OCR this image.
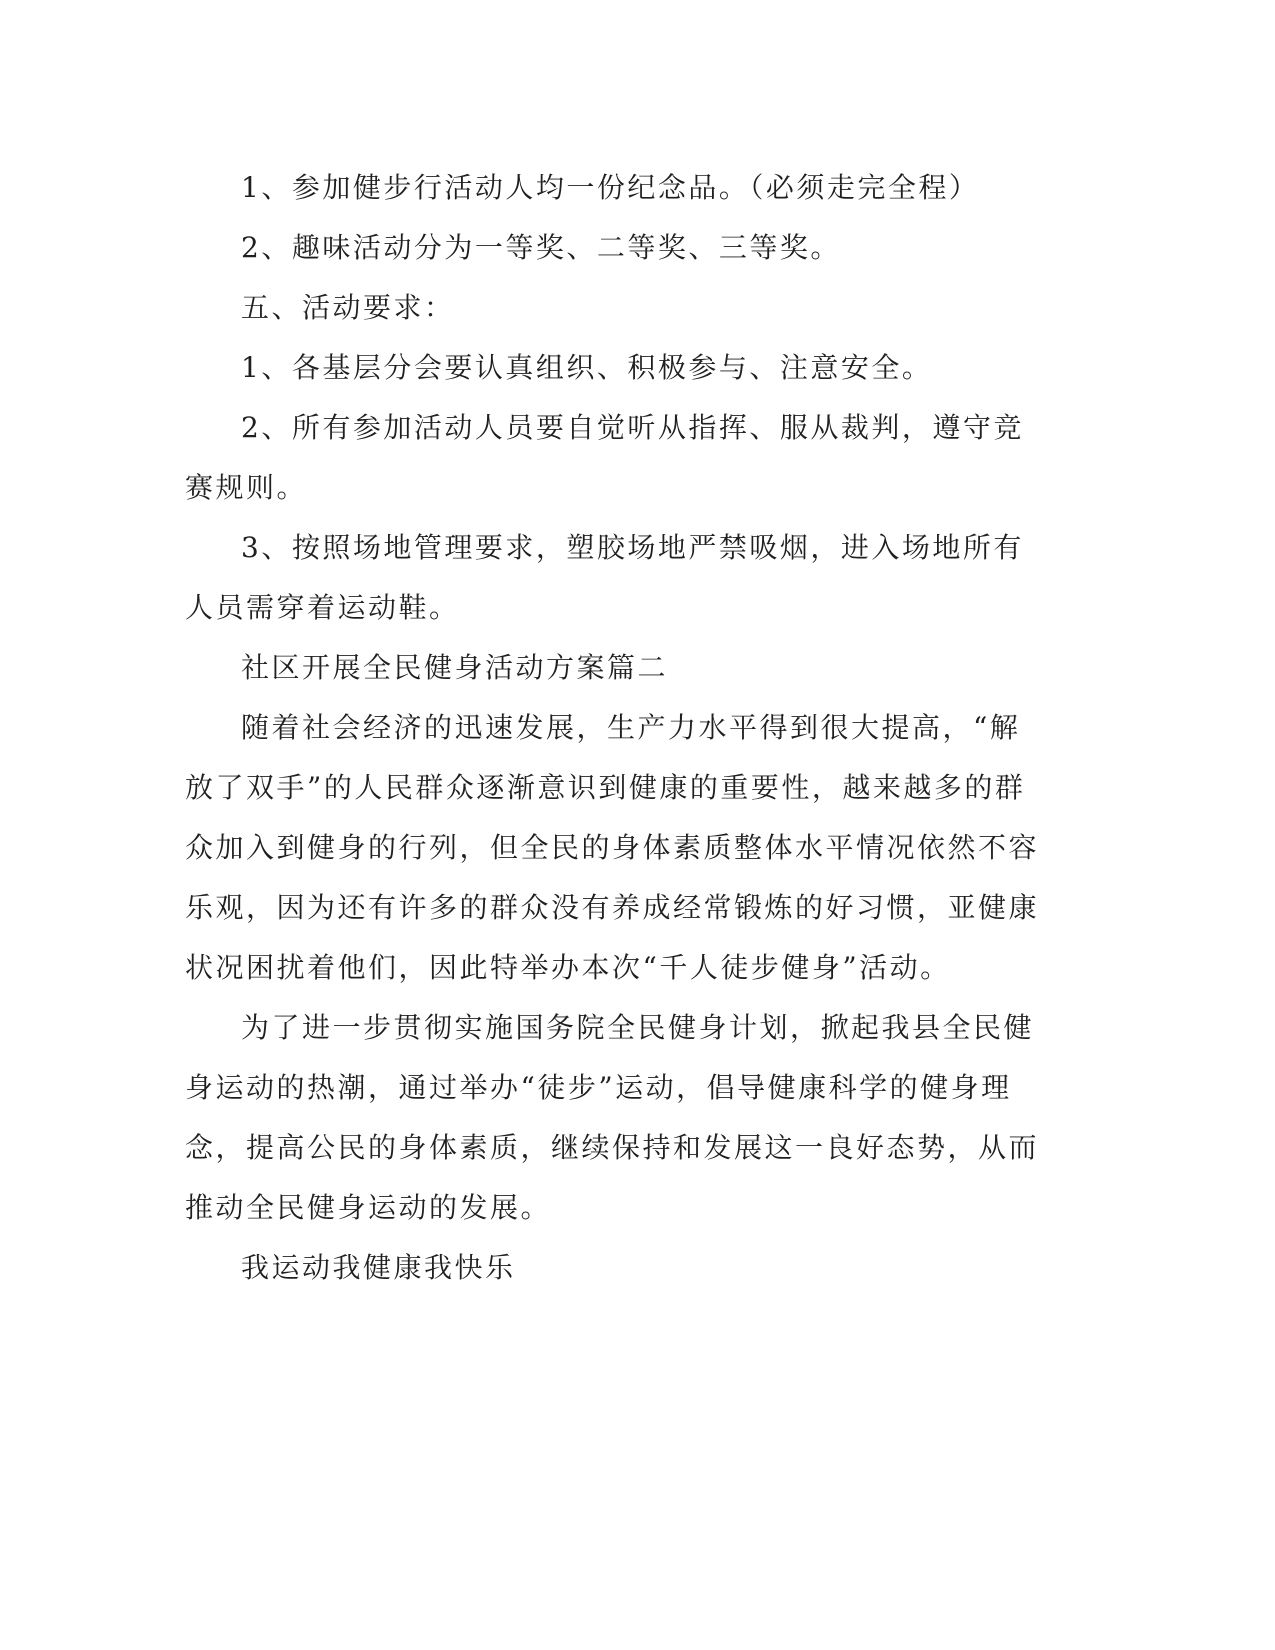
1、参加健步行活动人均一份纪念品。（必须走完全程）

2、趣味活动分为一等奖、二等奖、三等奖。

五、活动要求：

1、各基层分会要认真组织、积极参与、注意安全。

2、所有参加活动人员要自觉听从指挥、服从裁判，遵守竞赛规则。

3、按照场地管理要求，塑胶场地严禁吸烟，进入场地所有人员需穿着运动鞋。

社区开展全民健身活动方案篇二

随着社会经济的迅速发展，生产力水平得到很大提高，“解放了双手”的人民群众逐渐意识到健康的重要性，越来越多的群众加入到健身的行列，但全民的身体素质整体水平情况依然不容乐观，因为还有许多的群众没有养成经常锻炼的好习惯，亚健康状况困扰着他们，因此特举办本次“千人徒步健身”活动。

为了进一步贯彻实施国务院全民健身计划，掀起我县全民健身运动的热潮，通过举办“徒步”运动，倡导健康科学的健身理念，提高公民的身体素质，继续保持和发展这一良好态势，从而推动全民健身运动的发展。

我运动我健康我快乐
